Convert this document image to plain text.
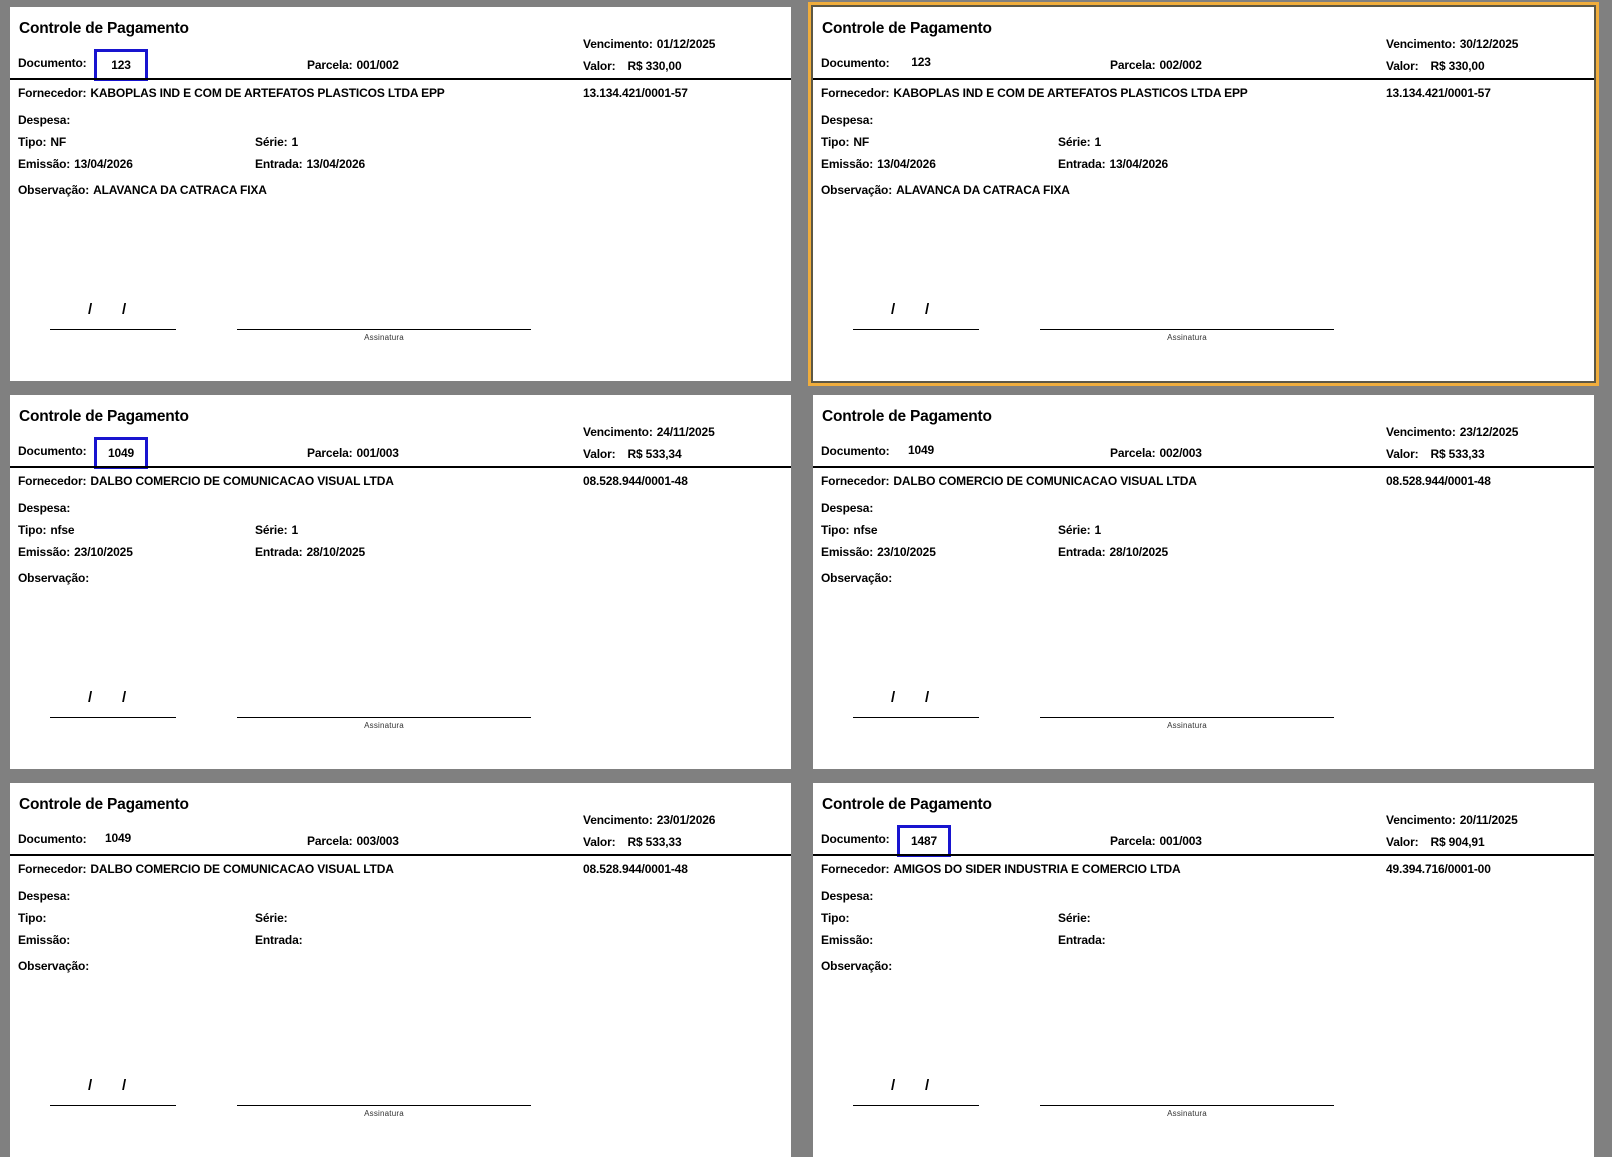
Controle de Pagamento
Documento: 123	Parcela: 001/002
Vencimento: 01/12/2025
Valor: R$ 330,00
Fornecedor: KABOPLAS IND E COM DE ARTEFATOS PLASTICOS LTDA EPP	13.134.421/0001-57
Despesa:
Tipo: NF	Série: 1
Emissão: 13/04/2026	Entrada: 13/04/2026
Observação: ALAVANCA DA CATRACA FIXA
/ /
Assinatura
Controle de Pagamento
Documento: 123	Parcela: 002/002
Vencimento: 30/12/2025
Valor: R$ 330,00
Fornecedor: KABOPLAS IND E COM DE ARTEFATOS PLASTICOS LTDA EPP	13.134.421/0001-57
Despesa:
Tipo: NF	Série: 1
Emissão: 13/04/2026	Entrada: 13/04/2026
Observação: ALAVANCA DA CATRACA FIXA
/ /
Assinatura
Controle de Pagamento
Documento: 1049	Parcela: 001/003
Vencimento: 24/11/2025
Valor: R$ 533,34
Fornecedor: DALBO COMERCIO DE COMUNICACAO VISUAL LTDA	08.528.944/0001-48
Despesa:
Tipo: nfse	Série: 1
Emissão: 23/10/2025	Entrada: 28/10/2025
Observação:
/ /
Assinatura
Controle de Pagamento
Documento: 1049	Parcela: 002/003
Vencimento: 23/12/2025
Valor: R$ 533,33
Fornecedor: DALBO COMERCIO DE COMUNICACAO VISUAL LTDA	08.528.944/0001-48
Despesa:
Tipo: nfse	Série: 1
Emissão: 23/10/2025	Entrada: 28/10/2025
Observação:
/ /
Assinatura
Controle de Pagamento
Documento: 1049	Parcela: 003/003
Vencimento: 23/01/2026
Valor: R$ 533,33
Fornecedor: DALBO COMERCIO DE COMUNICACAO VISUAL LTDA	08.528.944/0001-48
Despesa:
Tipo:	Série:
Emissão:	Entrada:
Observação:
/ /
Assinatura
Controle de Pagamento
Documento: 1487	Parcela: 001/003
Vencimento: 20/11/2025
Valor: R$ 904,91
Fornecedor: AMIGOS DO SIDER INDUSTRIA E COMERCIO LTDA	49.394.716/0001-00
Despesa:
Tipo:	Série:
Emissão:	Entrada:
Observação:
/ /
Assinatura
